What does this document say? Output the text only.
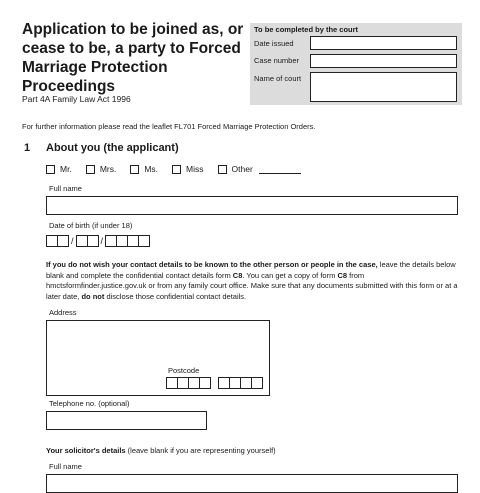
Application to be joined as, or cease to be, a party to Forced Marriage Protection Proceedings
Part 4A Family Law Act 1996
To be completed by the court
Date issued
Case number
Name of court
For further information please read the leaflet FL701 Forced Marriage Protection Orders.
1 About you (the applicant)
Mr.	Mrs.	Ms.	Miss	Other
Full name
Date of birth (if under 18)
/	/
If you do not wish your contact details to be known to the other person or people in the case, leave the details below blank and complete the confidential contact details form C8. You can get a copy of form C8 from hmctsformfinder.justice.gov.uk or from any family court office. Make sure that any documents submitted with this form or at a later date, do not disclose those confidential contact details.
Address
Postcode
Telephone no. (optional)
Your solicitor's details (leave blank if you are representing yourself)
Full name
